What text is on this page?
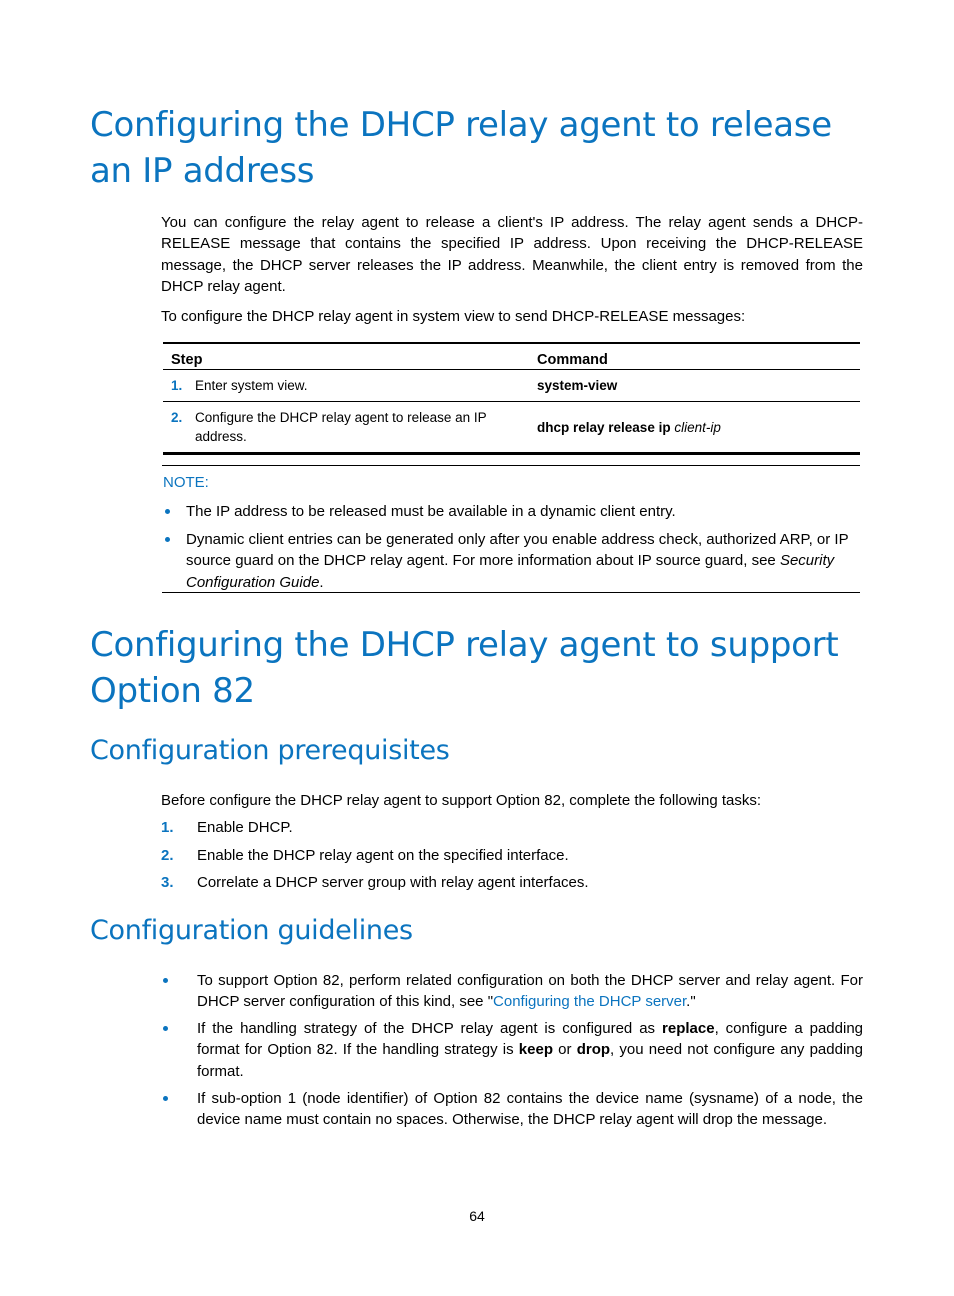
Configuring the DHCP relay agent to release an IP address

You can configure the relay agent to release a client's IP address. The relay agent sends a DHCP-RELEASE message that contains the specified IP address. Upon receiving the DHCP-RELEASE message, the DHCP server releases the IP address. Meanwhile, the client entry is removed from the DHCP relay agent.

To configure the DHCP relay agent in system view to send DHCP-RELEASE messages:

Step	Command
1. Enter system view.	system-view
2. Configure the DHCP relay agent to release an IP address.	dhcp relay release ip client-ip
NOTE:
The IP address to be released must be available in a dynamic client entry.
Dynamic client entries can be generated only after you enable address check, authorized ARP, or IP source guard on the DHCP relay agent. For more information about IP source guard, see Security Configuration Guide.
Configuring the DHCP relay agent to support Option 82
Configuration prerequisites

Before configure the DHCP relay agent to support Option 82, complete the following tasks:

1. Enable DHCP.
2. Enable the DHCP relay agent on the specified interface.
3. Correlate a DHCP server group with relay agent interfaces.
Configuration guidelines
To support Option 82, perform related configuration on both the DHCP server and relay agent. For DHCP server configuration of this kind, see "Configuring the DHCP server."
If the handling strategy of the DHCP relay agent is configured as replace, configure a padding format for Option 82. If the handling strategy is keep or drop, you need not configure any padding format.
If sub-option 1 (node identifier) of Option 82 contains the device name (sysname) of a node, the device name must contain no spaces. Otherwise, the DHCP relay agent will drop the message.
64
